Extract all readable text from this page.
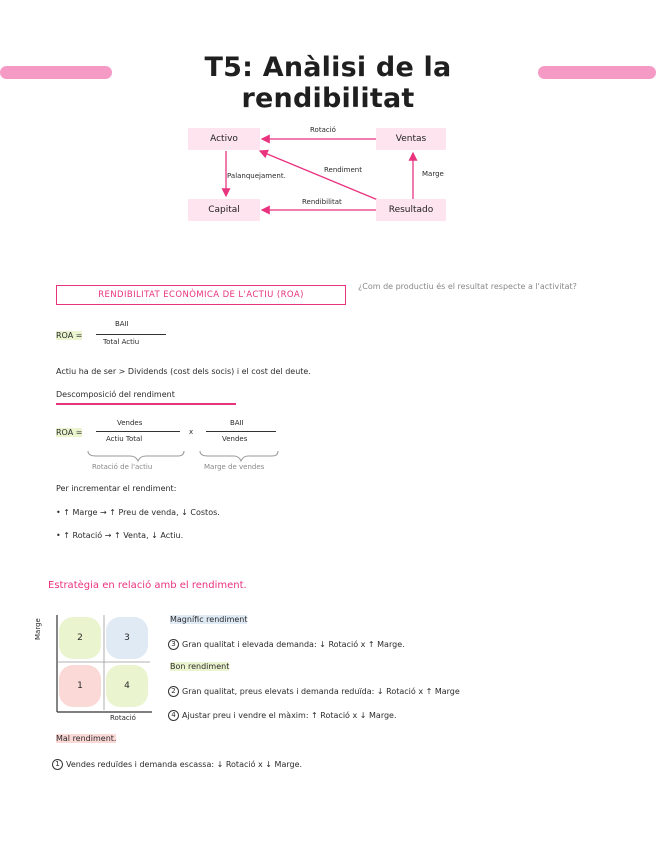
T5: Anàlisi de la rendibilitat
Activo	Ventas
Capital	Resultado
Rotació
Rendiment	Marge
Palanquejament.
Rendibilitat
RENDIBILITAT ECONÒMICA DE L'ACTIU (ROA)
¿Com de productiu és el resultat respecte a l'activitat?
ROA =
BAII
Total Actiu
Actiu ha de ser > Dividends (cost dels socis) i el cost del deute.
Descomposició del rendiment
ROA =
Vendes
Actiu Total
x
BAII
Vendes
Rotació de l'actiu	Marge de vendes
Per incrementar el rendiment:
• ↑ Marge → ↑ Preu de venda, ↓ Costos.
• ↑ Rotació → ↑ Venta, ↓ Actiu.
Estratègia en relació amb el rendiment.
2	3
1	4
Marge
Rotació
Magnífic rendiment
3 Gran qualitat i elevada demanda: ↓ Rotació x ↑ Marge.
Bon rendiment
2 Gran qualitat, preus elevats i demanda reduïda: ↓ Rotació x ↑ Marge
4 Ajustar preu i vendre el màxim: ↑ Rotació x ↓ Marge.
Mal rendiment.
1 Vendes reduïdes i demanda escassa: ↓ Rotació x ↓ Marge.
